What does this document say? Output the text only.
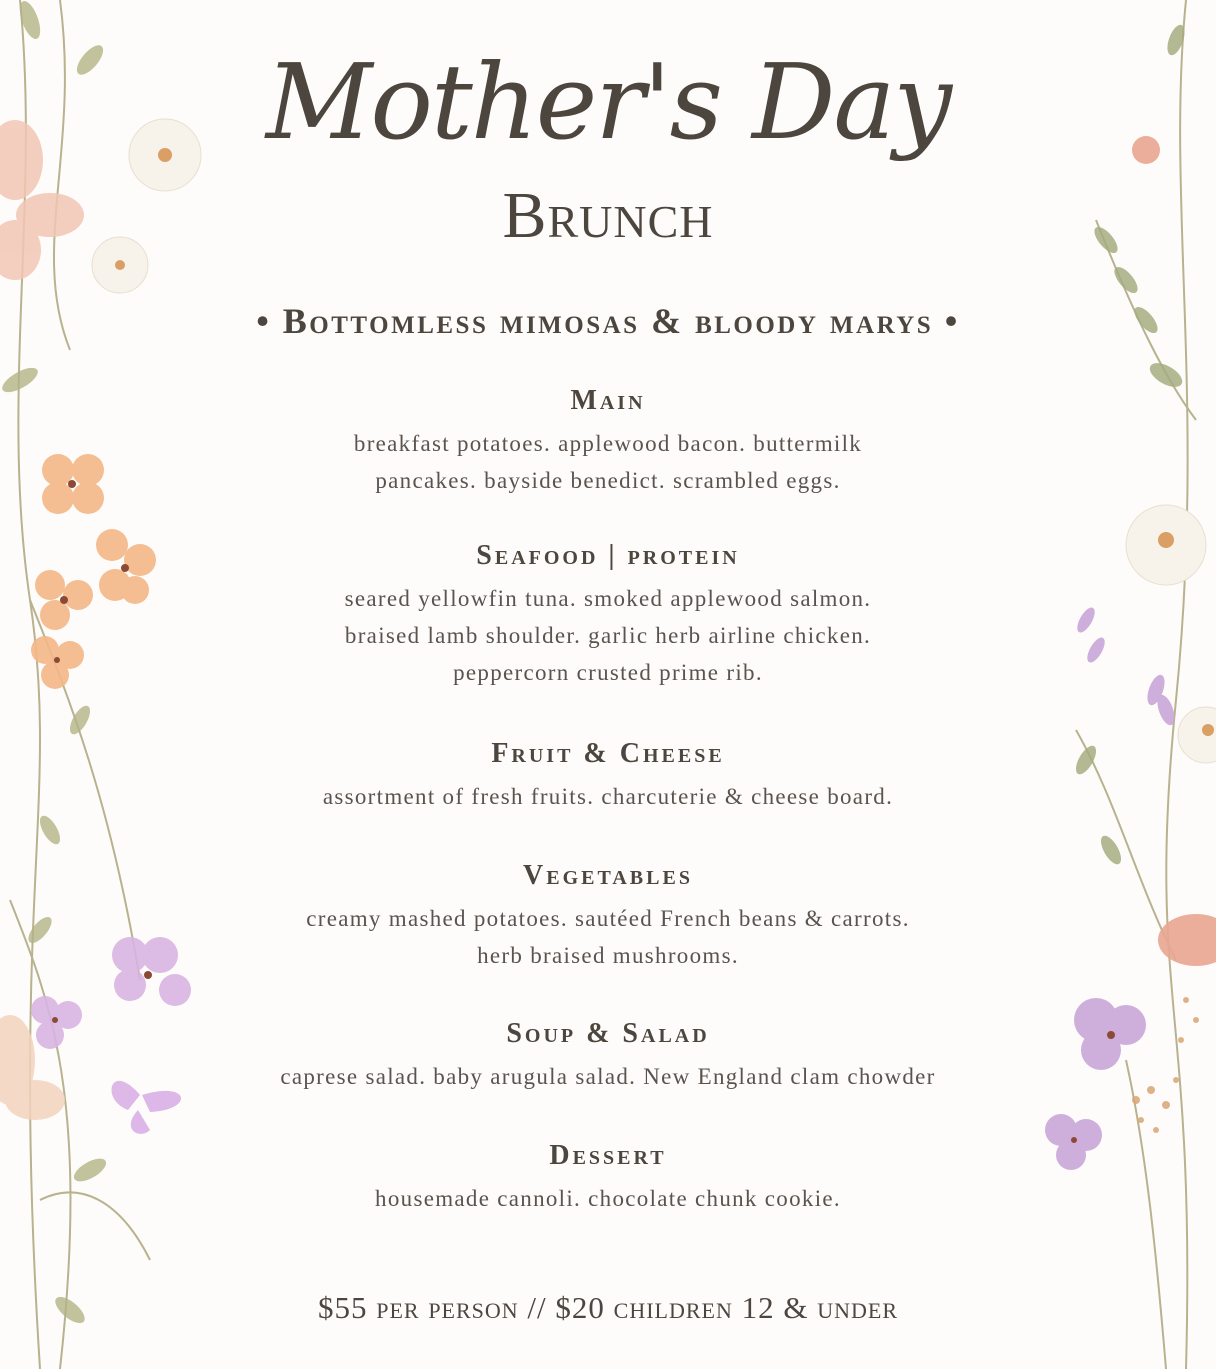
Mother's Day
Brunch
• Bottomless mimosas & bloody marys •
Main
breakfast potatoes. applewood bacon. buttermilk
pancakes. bayside benedict. scrambled eggs.
Seafood | protein
seared yellowfin tuna. smoked applewood salmon.
braised lamb shoulder. garlic herb airline chicken.
peppercorn crusted prime rib.
Fruit & Cheese
assortment of fresh fruits. charcuterie & cheese board.
Vegetables
creamy mashed potatoes. sautéed French beans & carrots.
herb braised mushrooms.
Soup & Salad
caprese salad. baby arugula salad. New England clam chowder
Dessert
housemade cannoli. chocolate chunk cookie.
$55 per person // $20 children 12 & under
